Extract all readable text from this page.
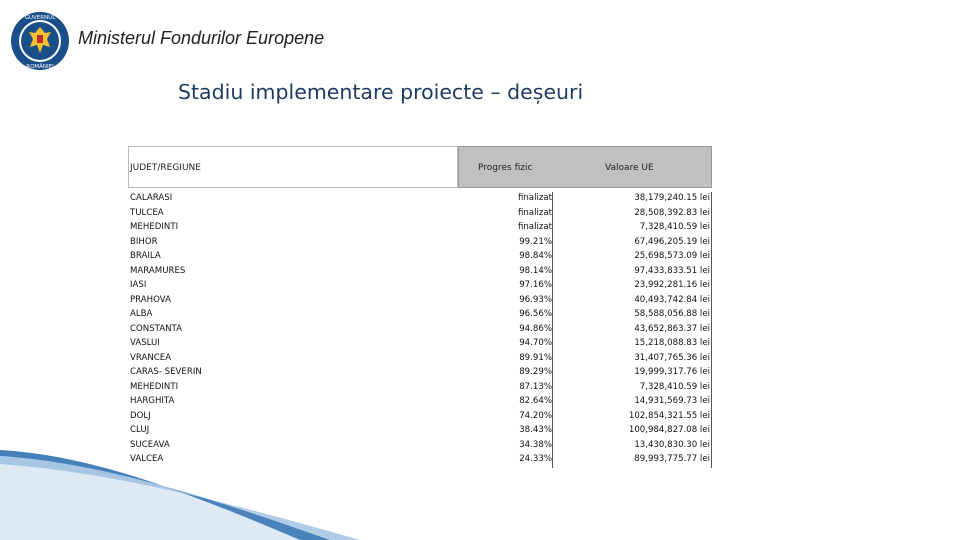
GUVERNUL
ROMÂNIEI
Ministerul Fondurilor Europene
Stadiu implementare proiecte – deșeuri
JUDET/REGIUNE	Progres fizic	Valoare UE
CALARASI	finalizat	38,179,240.15 lei
TULCEA	finalizat	28,508,392.83 lei
MEHEDINTI	finalizat	7,328,410.59 lei
BIHOR	99.21%	67,496,205.19 lei
BRAILA	98.84%	25,698,573.09 lei
MARAMURES	98.14%	97,433,833.51 lei
IASI	97.16%	23,992,281.16 lei
PRAHOVA	96.93%	40,493,742.84 lei
ALBA	96.56%	58,588,056.88 lei
CONSTANTA	94.86%	43,652,863.37 lei
VASLUI	94.70%	15,218,088.83 lei
VRANCEA	89.91%	31,407,765.36 lei
CARAS- SEVERIN	89.29%	19,999,317.76 lei
MEHEDINTI	87.13%	7,328,410.59 lei
HARGHITA	82.64%	14,931,569.73 lei
DOLJ	74.20%	102,854,321.55 lei
CLUJ	38.43%	100,984,827.08 lei
SUCEAVA	34.38%	13,430,830.30 lei
VALCEA	24.33%	89,993,775.77 lei
